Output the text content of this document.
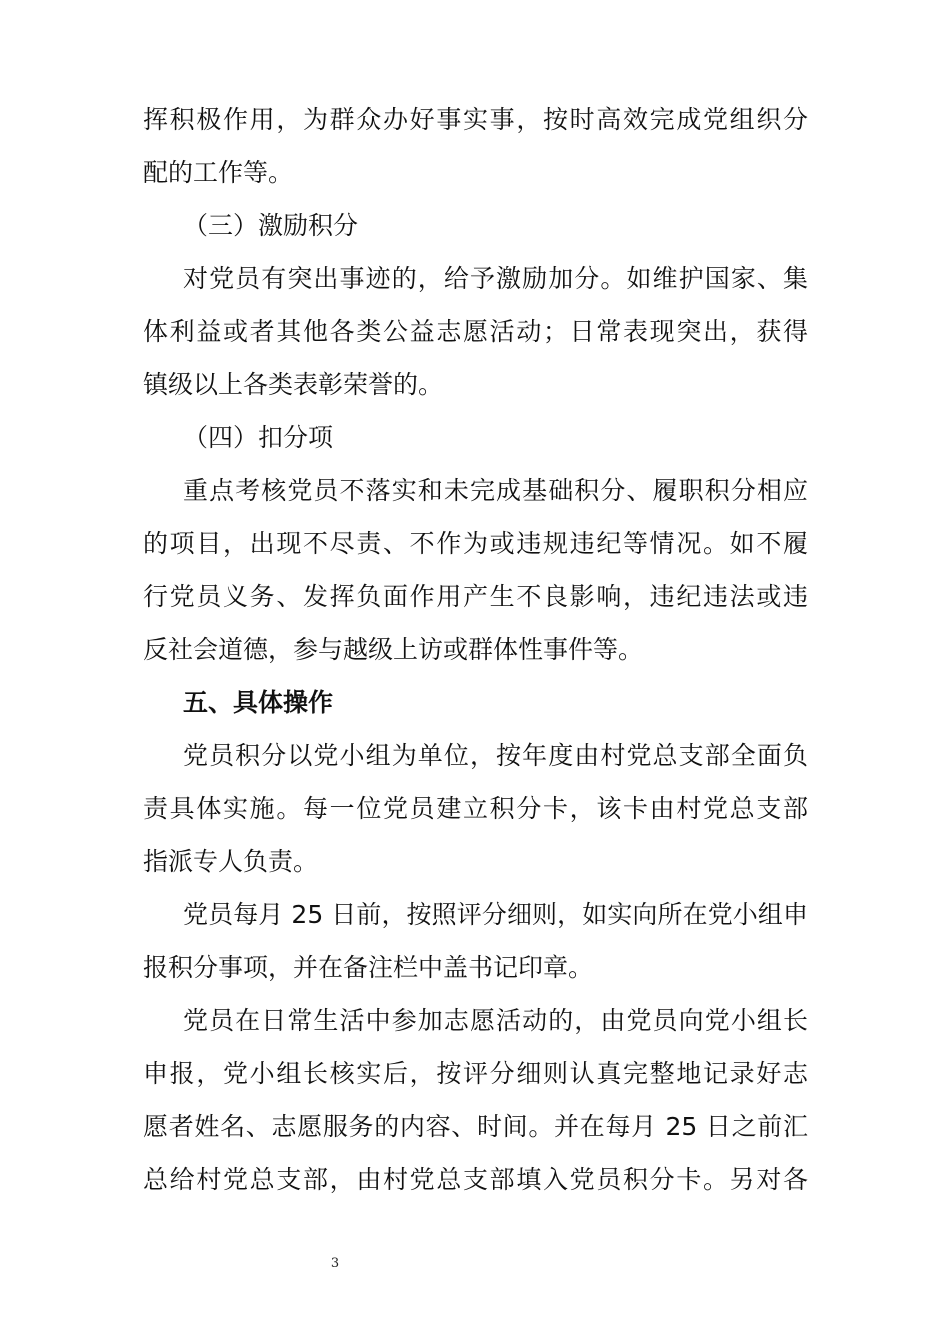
挥积极作用，为群众办好事实事，按时高效完成党组织分
配的工作等。
（三）激励积分
对党员有突出事迹的，给予激励加分。如维护国家、集
体利益或者其他各类公益志愿活动；日常表现突出，获得
镇级以上各类表彰荣誉的。
（四）扣分项
重点考核党员不落实和未完成基础积分、履职积分相应
的项目，出现不尽责、不作为或违规违纪等情况。如不履
行党员义务、发挥负面作用产生不良影响，违纪违法或违
反社会道德，参与越级上访或群体性事件等。
五、具体操作
党员积分以党小组为单位，按年度由村党总支部全面负
责具体实施。每一位党员建立积分卡，该卡由村党总支部
指派专人负责。
党员每月 25 日前，按照评分细则，如实向所在党小组申
报积分事项，并在备注栏中盖书记印章。
党员在日常生活中参加志愿活动的，由党员向党小组长
申报，党小组长核实后，按评分细则认真完整地记录好志
愿者姓名、志愿服务的内容、时间。并在每月 25 日之前汇
总给村党总支部，由村党总支部填入党员积分卡。另对各
3
